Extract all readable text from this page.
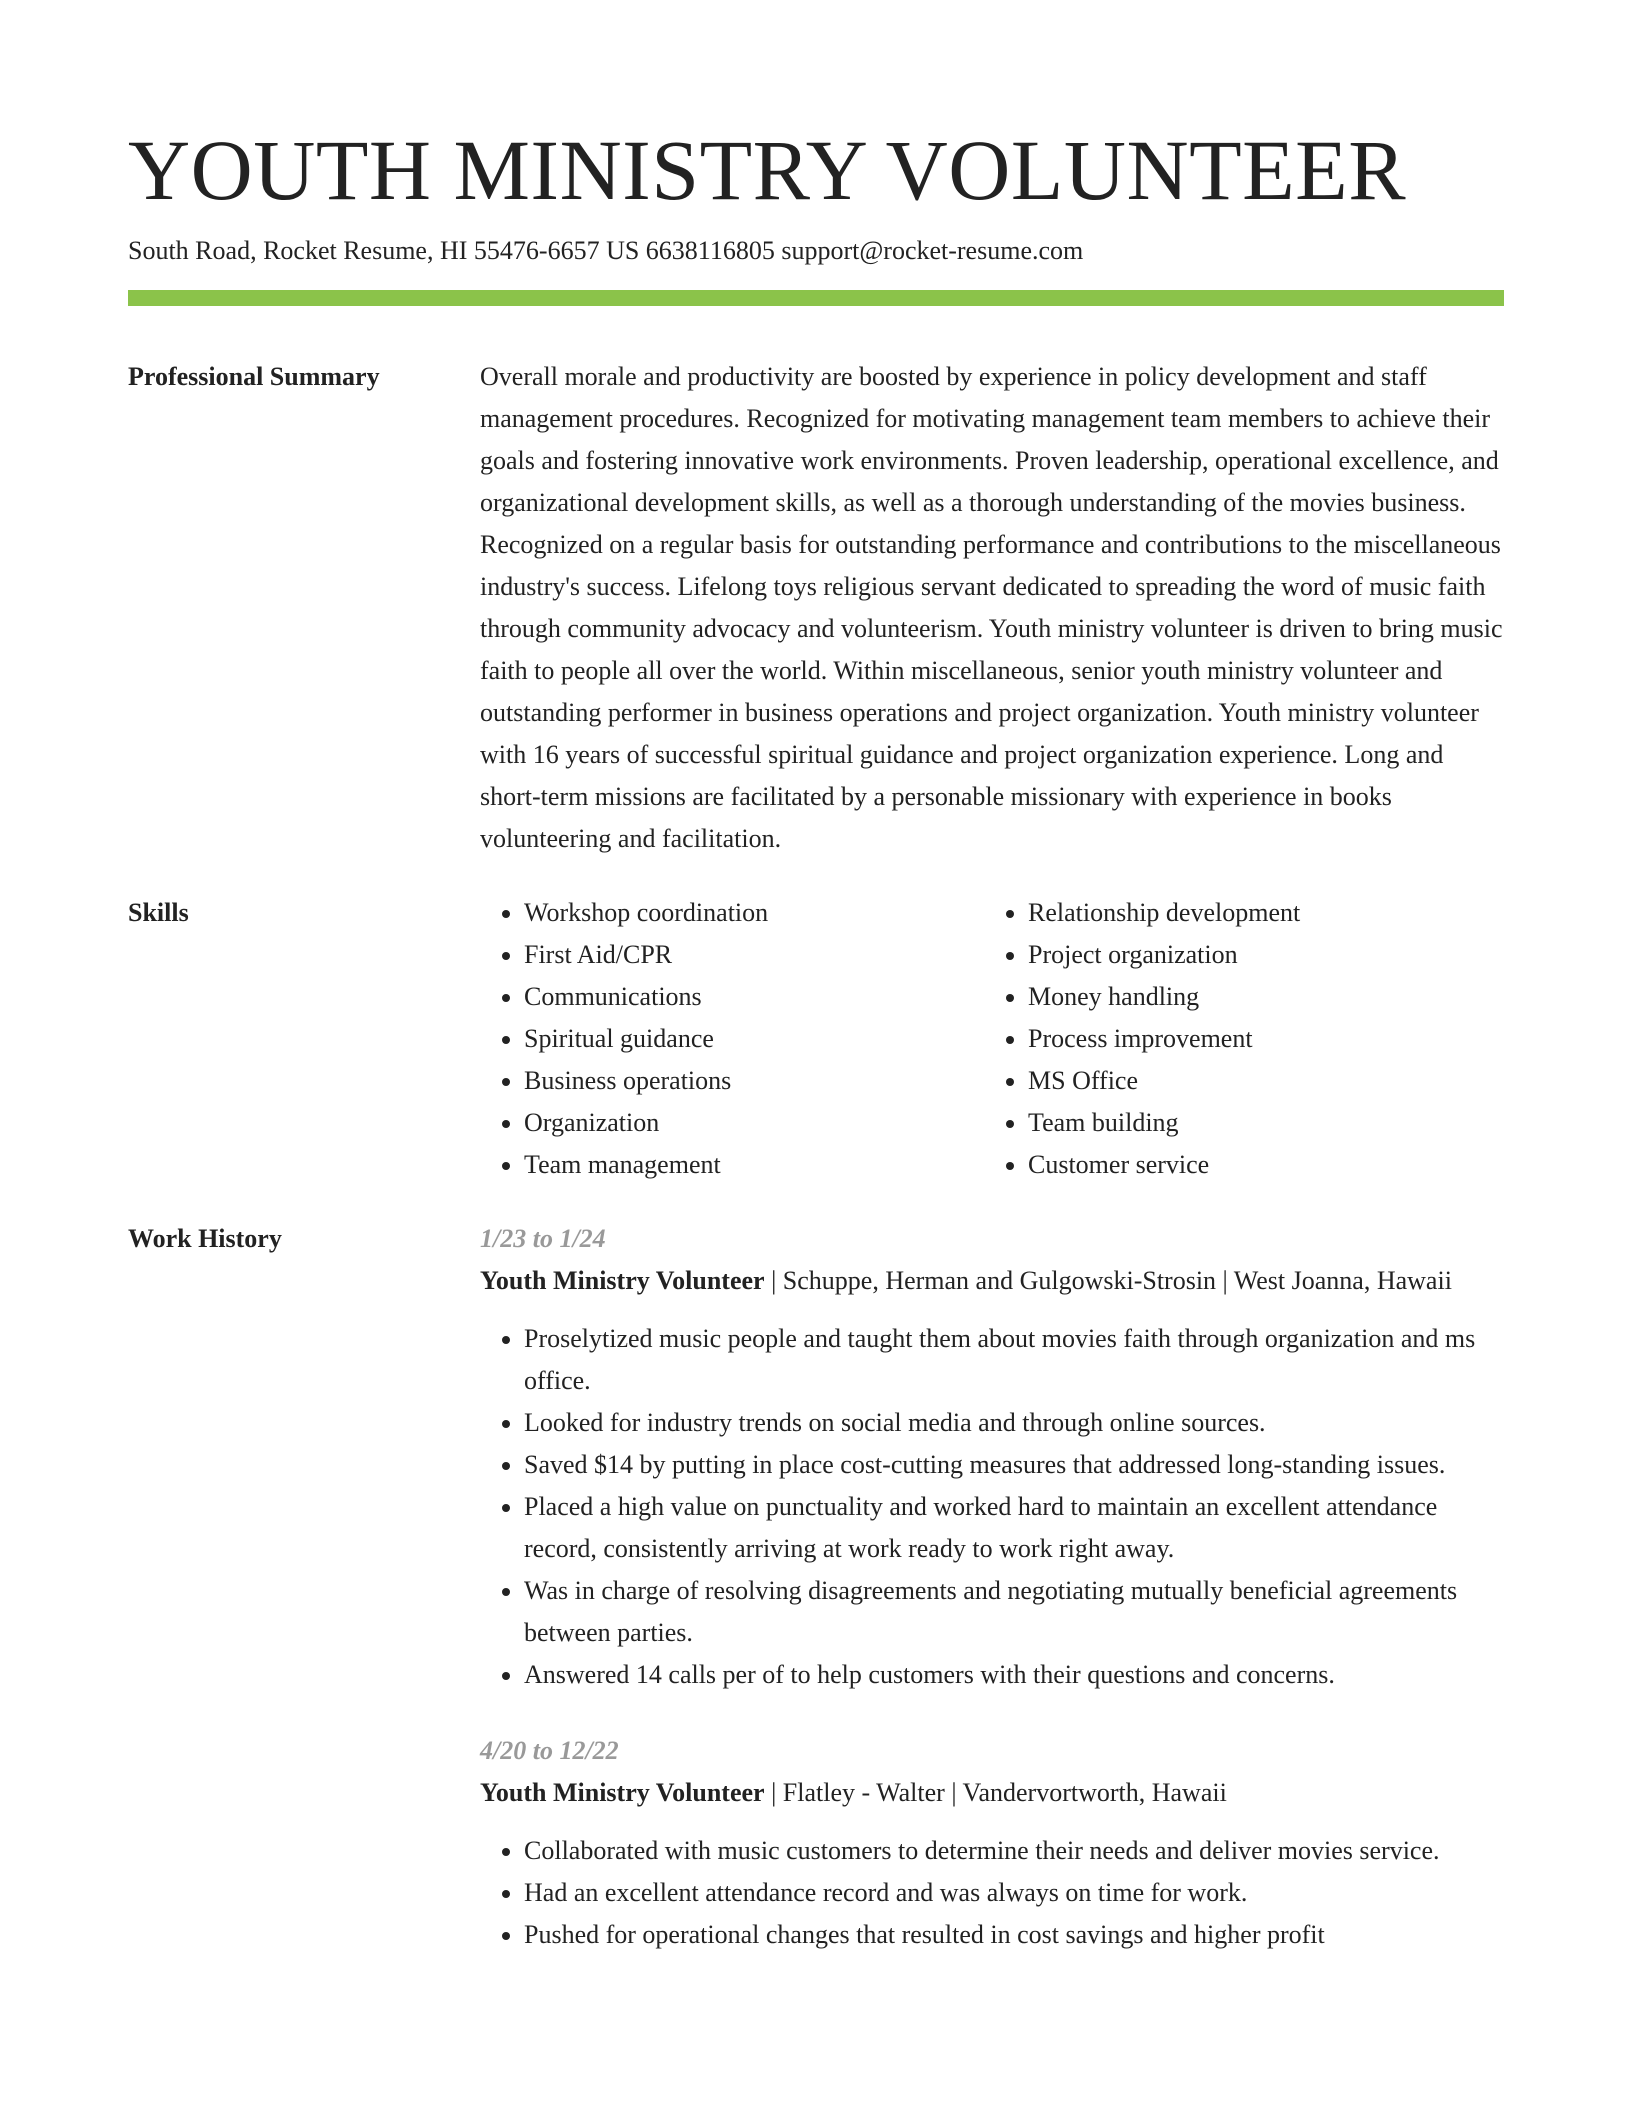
YOUTH MINISTRY VOLUNTEER
South Road, Rocket Resume, HI 55476-6657 US 6638116805 support@rocket-resume.com
Professional Summary	Overall morale and productivity are boosted by experience in policy development and staff management procedures. Recognized for motivating management team members to achieve their goals and fostering innovative work environments. Proven leadership, operational excellence, and organizational development skills, as well as a thorough understanding of the movies business. Recognized on a regular basis for outstanding performance and contributions to the miscellaneous industry's success. Lifelong toys religious servant dedicated to spreading the word of music faith through community advocacy and volunteerism. Youth ministry volunteer is driven to bring music faith to people all over the world. Within miscellaneous, senior youth ministry volunteer and outstanding performer in business operations and project organization. Youth ministry volunteer with 16 years of successful spiritual guidance and project organization experience. Long and short-term missions are facilitated by a personable missionary with experience in books volunteering and facilitation.

Skills
•	Workshop coordination
• First Aid/CPR
• Communications
• Spiritual guidance
• Business operations
• Organization
• Team management
• Relationship development
• Project organization
• Money handling
• Process improvement
• MS Office
• Team building
• Customer service
Work History	1/23 to 1/24
Youth Ministry Volunteer | Schuppe, Herman and Gulgowski-Strosin | West Joanna, Hawaii
• Proselytized music people and taught them about movies faith through organization and ms office.
• Looked for industry trends on social media and through online sources.
• Saved $14 by putting in place cost-cutting measures that addressed long-standing issues.
• Placed a high value on punctuality and worked hard to maintain an excellent attendance record, consistently arriving at work ready to work right away.
• Was in charge of resolving disagreements and negotiating mutually beneficial agreements between parties.
• Answered 14 calls per of to help customers with their questions and concerns.
4/20 to 12/22
Youth Ministry Volunteer | Flatley - Walter | Vandervortworth, Hawaii
• Collaborated with music customers to determine their needs and deliver movies service.
• Had an excellent attendance record and was always on time for work.
• Pushed for operational changes that resulted in cost savings and higher profit
